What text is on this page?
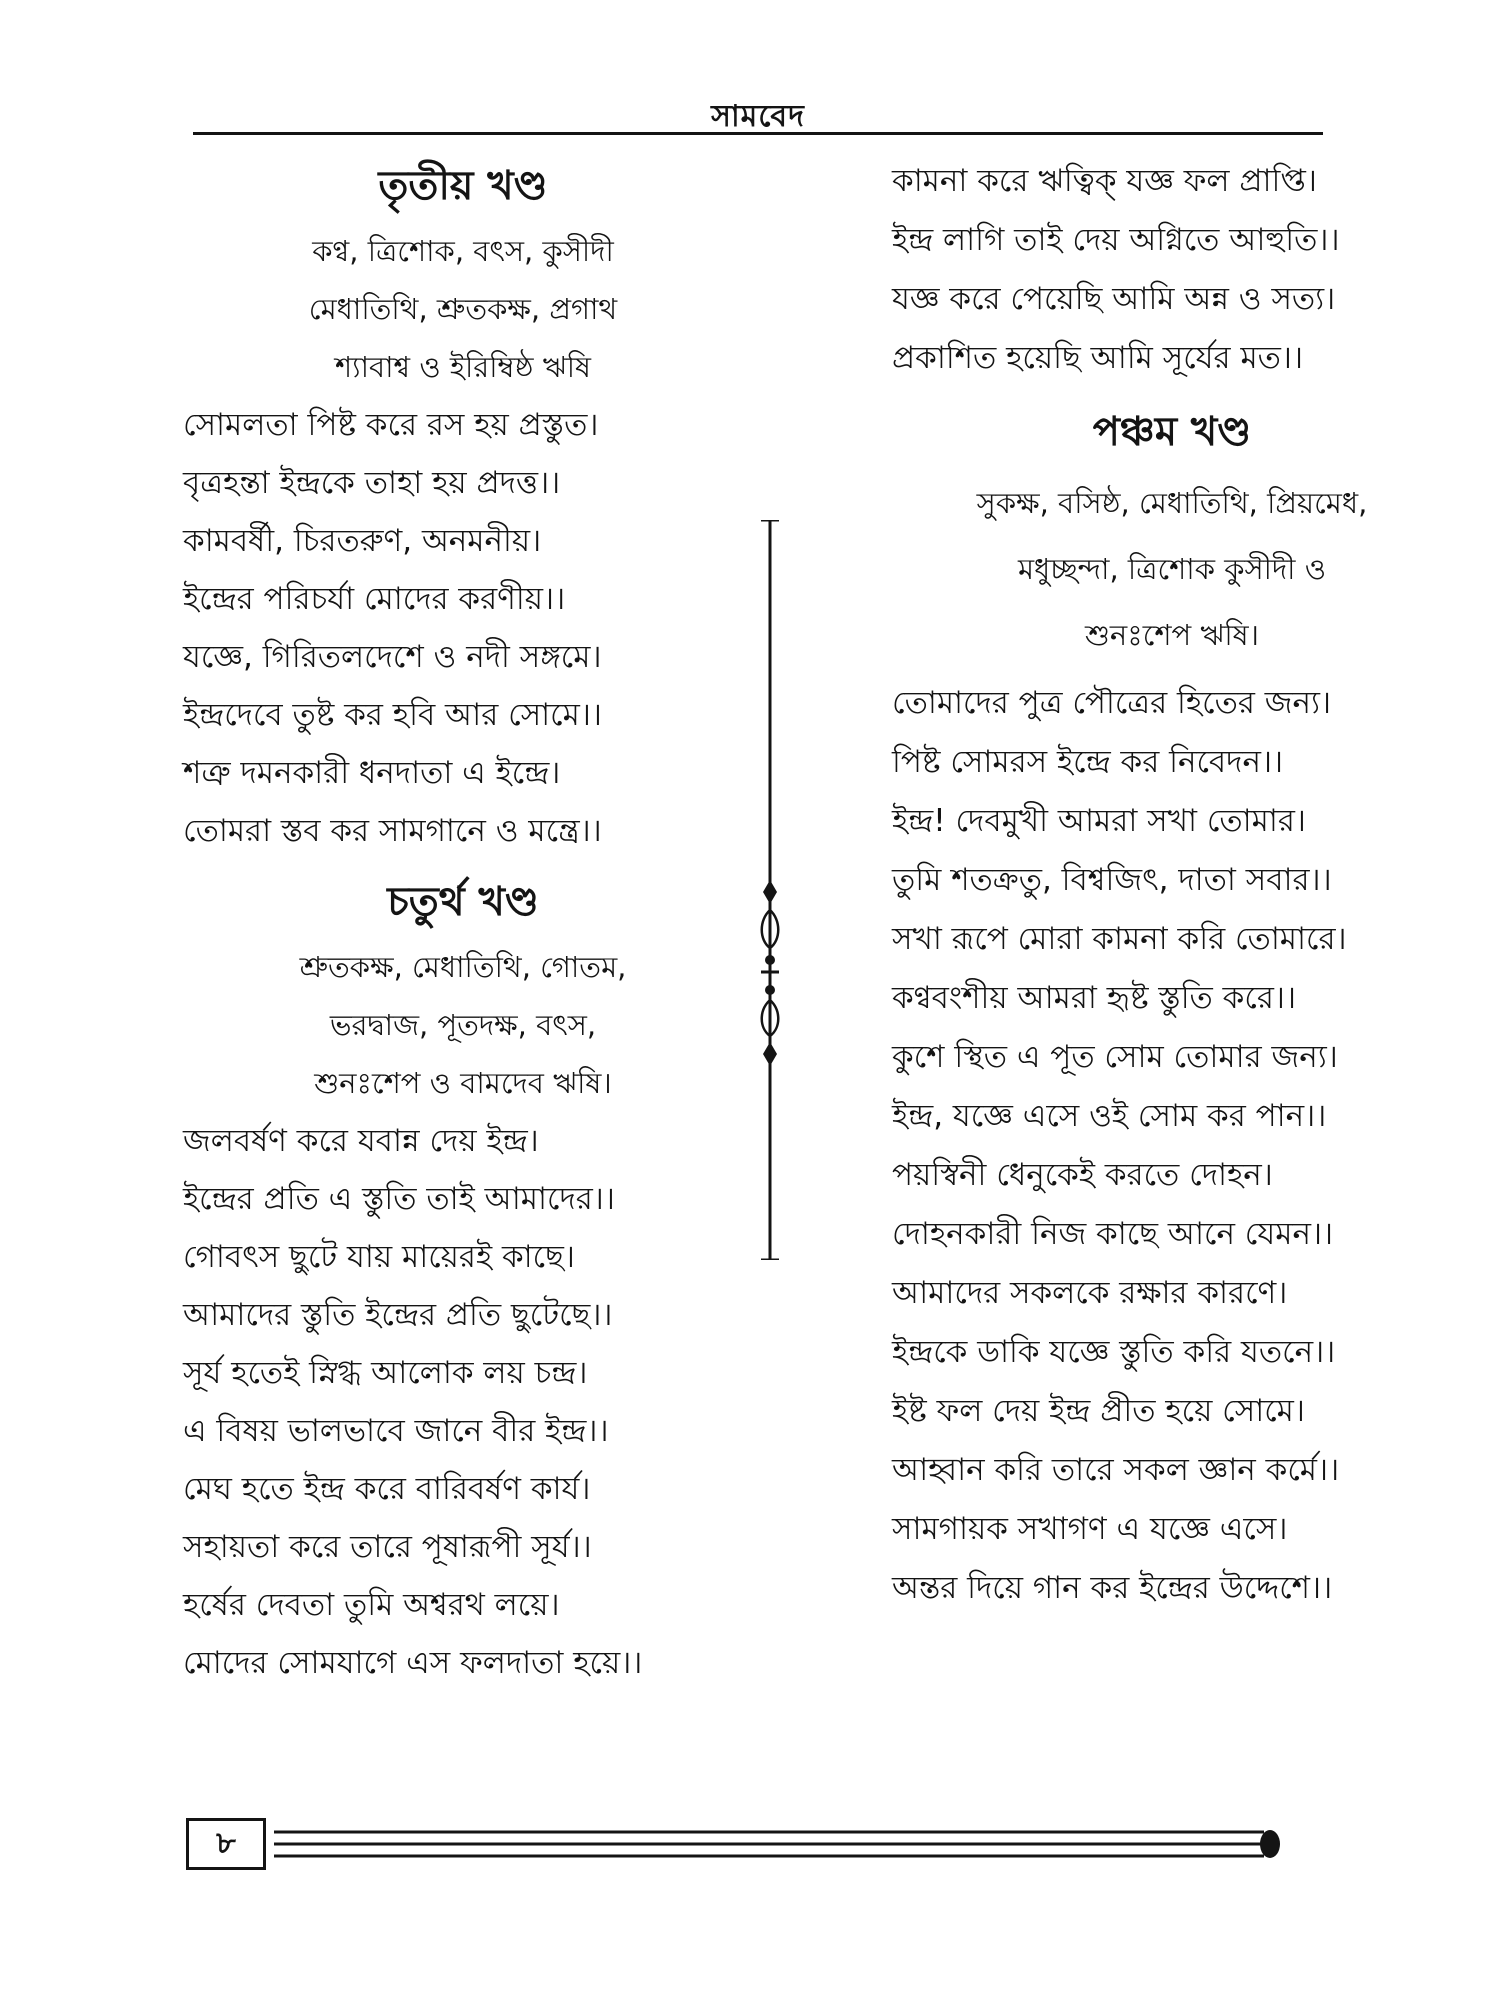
সামবেদ
তৃতীয় খণ্ড
কণ্ব, ত্রিশোক, বৎস, কুসীদী
মেধাতিথি, শ্রুতকক্ষ, প্রগাথ
শ্যাবাশ্ব ও ইরিম্বিষ্ঠ ঋষি
সোমলতা পিষ্ট করে রস হয় প্রস্তুত।
বৃত্রহন্তা ইন্দ্রকে তাহা হয় প্রদত্ত।।
কামবর্ষী, চিরতরুণ, অনমনীয়।
ইন্দ্রের পরিচর্যা মোদের করণীয়।।
যজ্ঞে, গিরিতলদেশে ও নদী সঙ্গমে।
ইন্দ্রদেবে তুষ্ট কর হবি আর সোমে।।
শত্রু দমনকারী ধনদাতা এ ইন্দ্রে।
তোমরা স্তব কর সামগানে ও মন্ত্রে।।
চতুর্থ খণ্ড
শ্রুতকক্ষ, মেধাতিথি, গোতম,
ভরদ্বাজ, পূতদক্ষ, বৎস,
শুনঃশেপ ও বামদেব ঋষি।
জলবর্ষণ করে যবান্ন দেয় ইন্দ্র।
ইন্দ্রের প্রতি এ স্তুতি তাই আমাদের।।
গোবৎস ছুটে যায় মায়েরই কাছে।
আমাদের স্তুতি ইন্দ্রের প্রতি ছুটেছে।।
সূর্য হতেই স্নিগ্ধ আলোক লয় চন্দ্র।
এ বিষয় ভালভাবে জানে বীর ইন্দ্র।।
মেঘ হতে ইন্দ্র করে বারিবর্ষণ কার্য।
সহায়তা করে তারে পূষারূপী সূর্য।।
হর্ষের দেবতা তুমি অশ্বরথ লয়ে।
মোদের সোমযাগে এস ফলদাতা হয়ে।।
কামনা করে ঋত্বিক্ যজ্ঞ ফল প্রাপ্তি।
ইন্দ্র লাগি তাই দেয় অগ্নিতে আহুতি।।
যজ্ঞ করে পেয়েছি আমি অন্ন ও সত্য।
প্রকাশিত হয়েছি আমি সূর্যের মত।।
পঞ্চম খণ্ড
সুকক্ষ, বসিষ্ঠ, মেধাতিথি, প্রিয়মেধ,
মধুচ্ছন্দা, ত্রিশোক কুসীদী ও
শুনঃশেপ ঋষি।
তোমাদের পুত্র পৌত্রের হিতের জন্য।
পিষ্ট সোমরস ইন্দ্রে কর নিবেদন।।
ইন্দ্র! দেবমুখী আমরা সখা তোমার।
তুমি শতক্রতু, বিশ্বজিৎ, দাতা সবার।।
সখা রূপে মোরা কামনা করি তোমারে।
কণ্ববংশীয় আমরা হৃষ্ট স্তুতি করে।।
কুশে স্থিত এ পূত সোম তোমার জন্য।
ইন্দ্র, যজ্ঞে এসে ওই সোম কর পান।।
পয়স্বিনী ধেনুকেই করতে দোহন।
দোহনকারী নিজ কাছে আনে যেমন।।
আমাদের সকলকে রক্ষার কারণে।
ইন্দ্রকে ডাকি যজ্ঞে স্তুতি করি যতনে।।
ইষ্ট ফল দেয় ইন্দ্র প্রীত হয়ে সোমে।
আহ্বান করি তারে সকল জ্ঞান কর্মে।।
সামগায়ক সখাগণ এ যজ্ঞে এসে।
অন্তর দিয়ে গান কর ইন্দ্রের উদ্দেশে।।
৮
